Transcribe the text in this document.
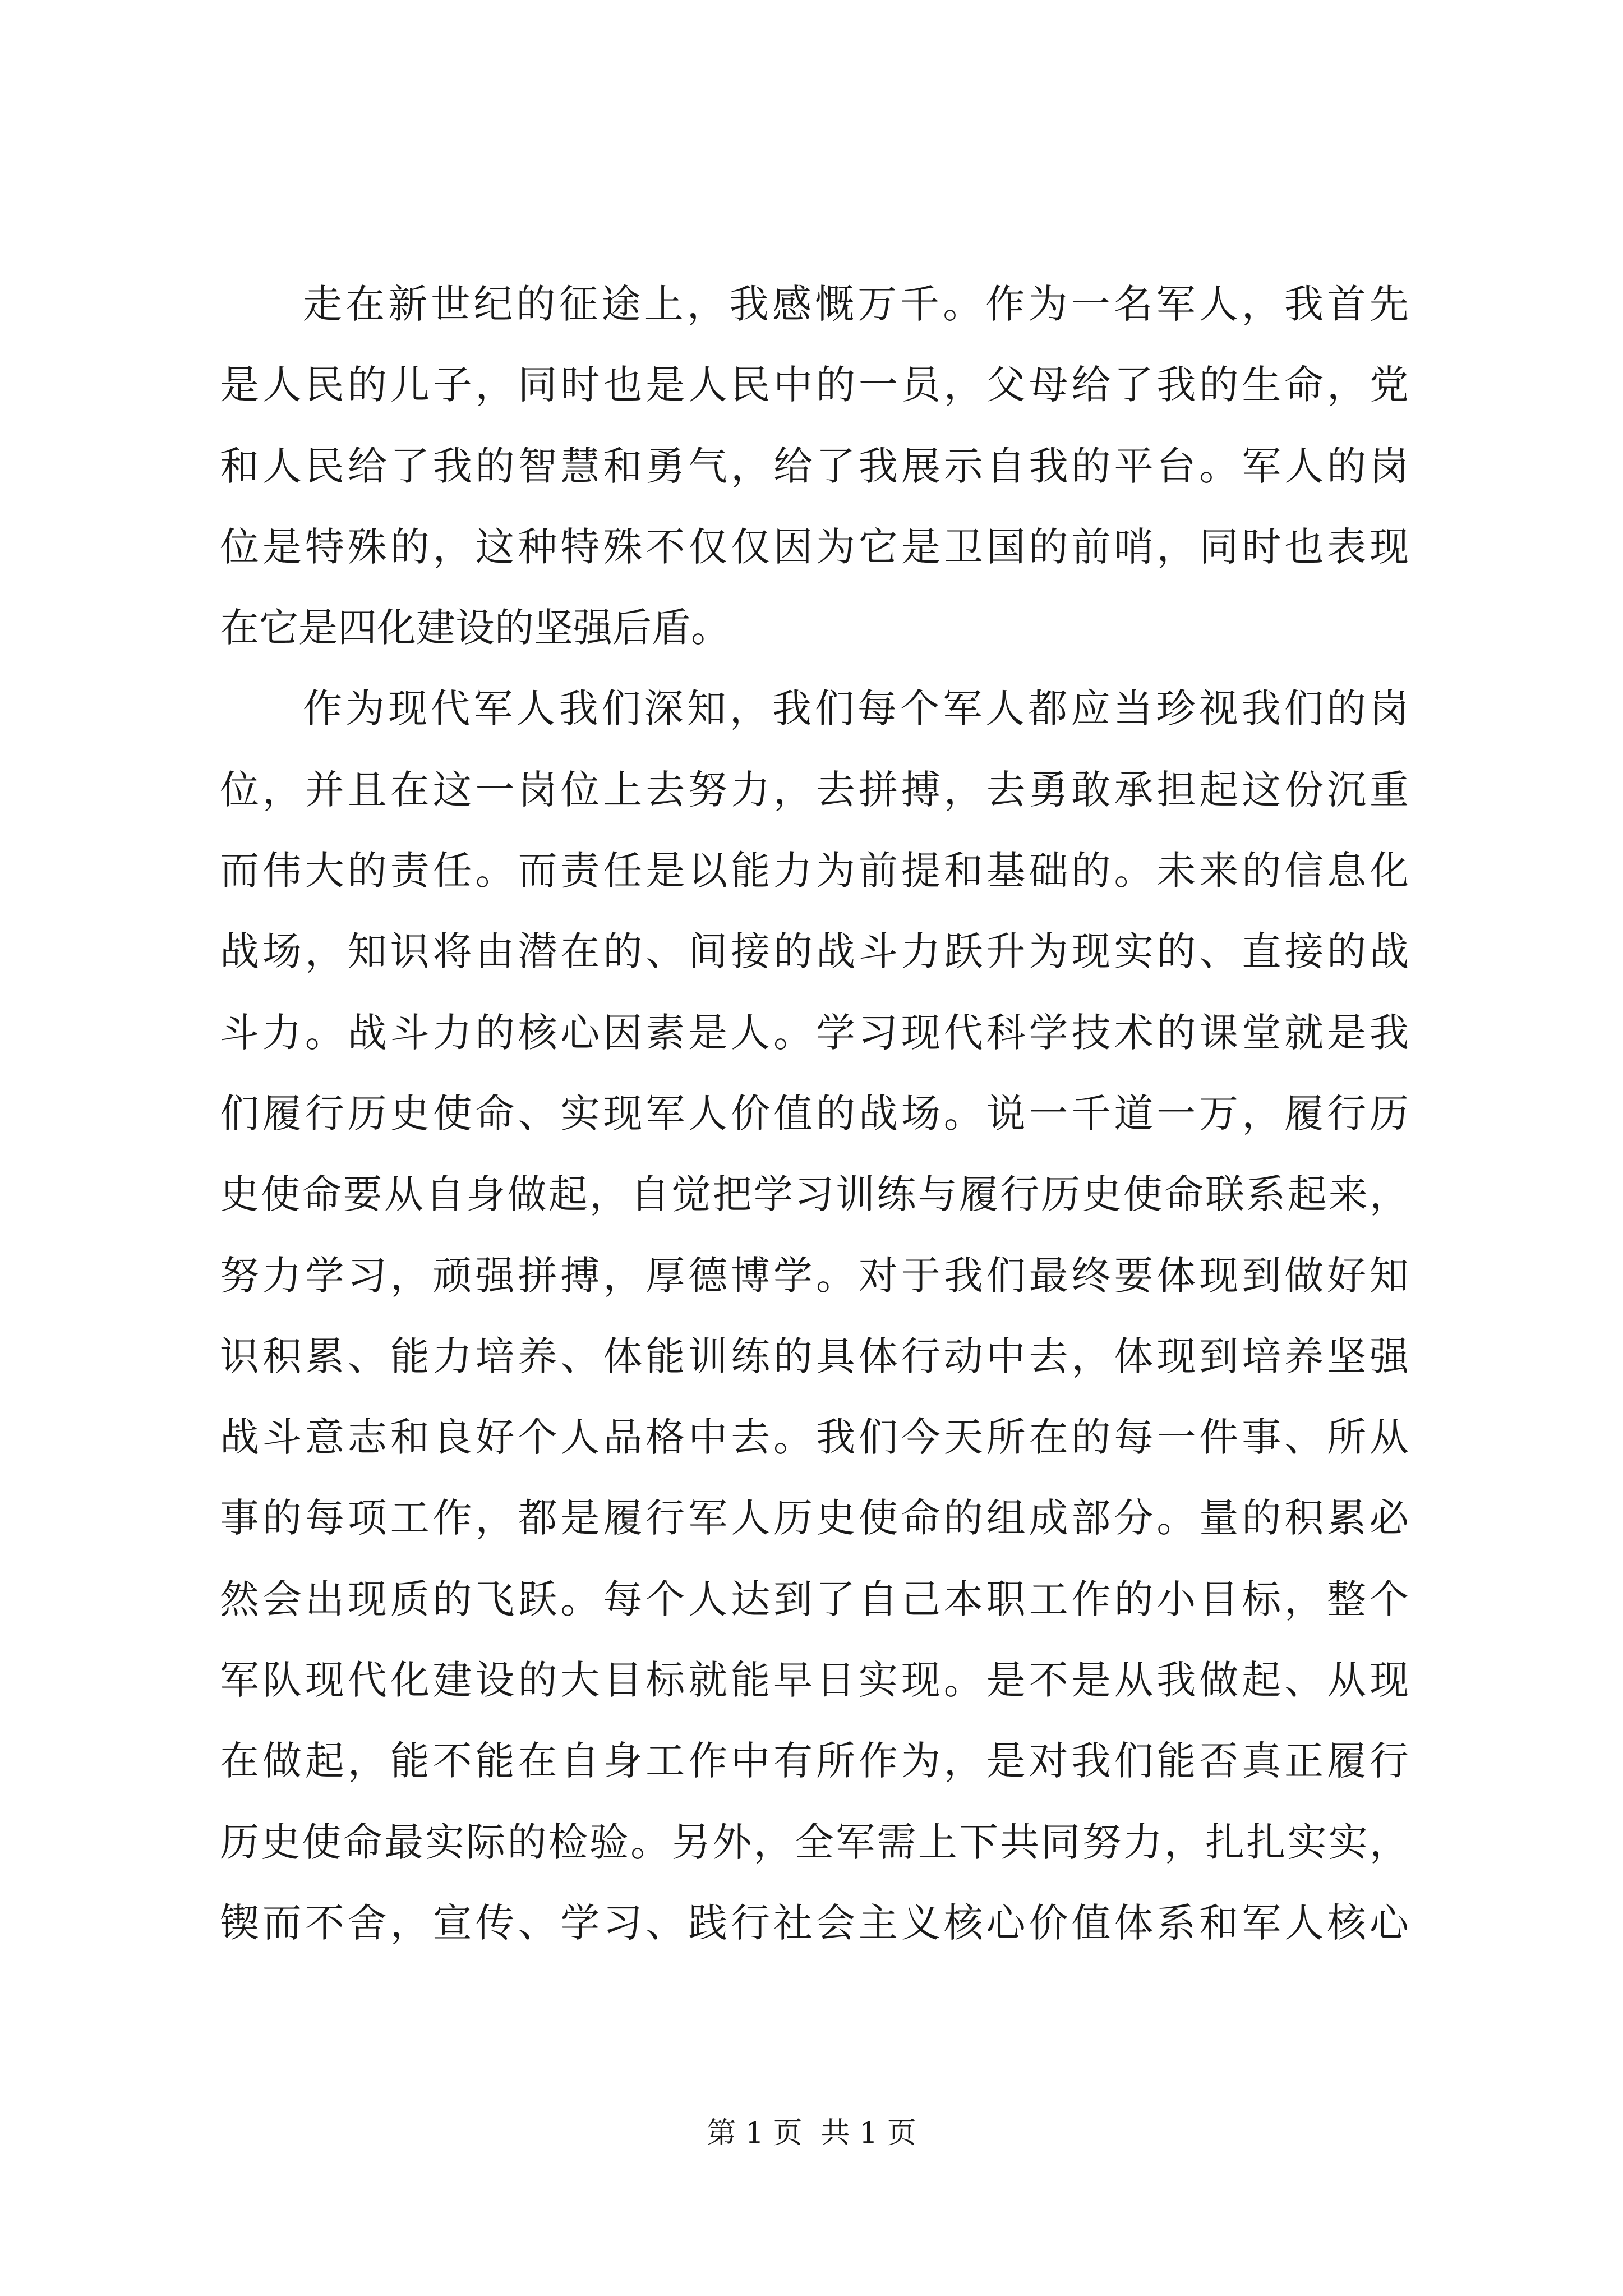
走在新世纪的征途上，我感慨万千。作为一名军人，我首先
是人民的儿子，同时也是人民中的一员，父母给了我的生命，党
和人民给了我的智慧和勇气，给了我展示自我的平台。军人的岗
位是特殊的，这种特殊不仅仅因为它是卫国的前哨，同时也表现
在它是四化建设的坚强后盾。
作为现代军人我们深知，我们每个军人都应当珍视我们的岗
位，并且在这一岗位上去努力，去拼搏，去勇敢承担起这份沉重
而伟大的责任。而责任是以能力为前提和基础的。未来的信息化
战场，知识将由潜在的、间接的战斗力跃升为现实的、直接的战
斗力。战斗力的核心因素是人。学习现代科学技术的课堂就是我
们履行历史使命、实现军人价值的战场。说一千道一万，履行历
史使命要从自身做起，自觉把学习训练与履行历史使命联系起来，
努力学习，顽强拼搏，厚德博学。对于我们最终要体现到做好知
识积累、能力培养、体能训练的具体行动中去，体现到培养坚强
战斗意志和良好个人品格中去。我们今天所在的每一件事、所从
事的每项工作，都是履行军人历史使命的组成部分。量的积累必
然会出现质的飞跃。每个人达到了自己本职工作的小目标，整个
军队现代化建设的大目标就能早日实现。是不是从我做起、从现
在做起，能不能在自身工作中有所作为，是对我们能否真正履行
历史使命最实际的检验。另外，全军需上下共同努力，扎扎实实，
锲而不舍，宣传、学习、践行社会主义核心价值体系和军人核心
第 1 页  共 1 页
